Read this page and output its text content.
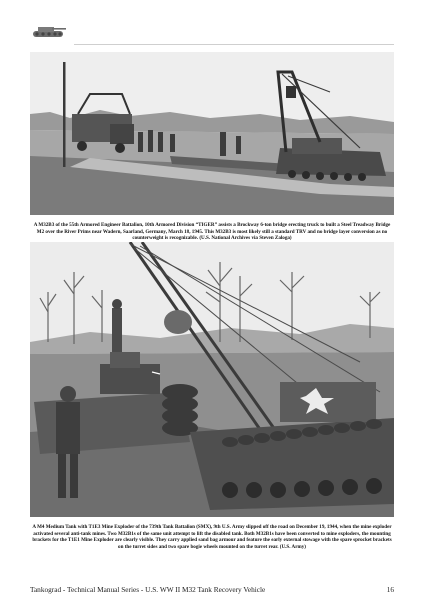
A M32B3 of the 55th Armored Engineer Battalion, 10th Armored Division “TIGER” assists a Brockway 6-ton bridge erecting truck to built a Steel Treadway Bridge M2 over the River Prims near Wadern, Saarland, Germany, March 18, 1945. This M32B3 is most likely still a standard TRV and no bridge layer conversion as no counterweight is recognizable. (U.S. National Archives via Steven Zaloga)

A M4 Medium Tank with T1E3 Mine Exploder of the 739th Tank Battalion (SMX), 9th U.S. Army slipped off the road on December 19, 1944, when the mine exploder activated several anti-tank mines. Two M32B1s of the same unit attempt to lift the disabled tank. Both M32B1s have been converted to mine exploders, the mounting brackets for the T1E1 Mine Exploder are clearly visible. They carry applied sand bag armour and feature the early external stowage with the spare sprocket brackets on the turret sides and two spare bogie wheels mounted on the turret rear. (U.S. Army)

Tankograd - Technical Manual Series - U.S. WW II M32 Tank Recovery Vehicle	16
